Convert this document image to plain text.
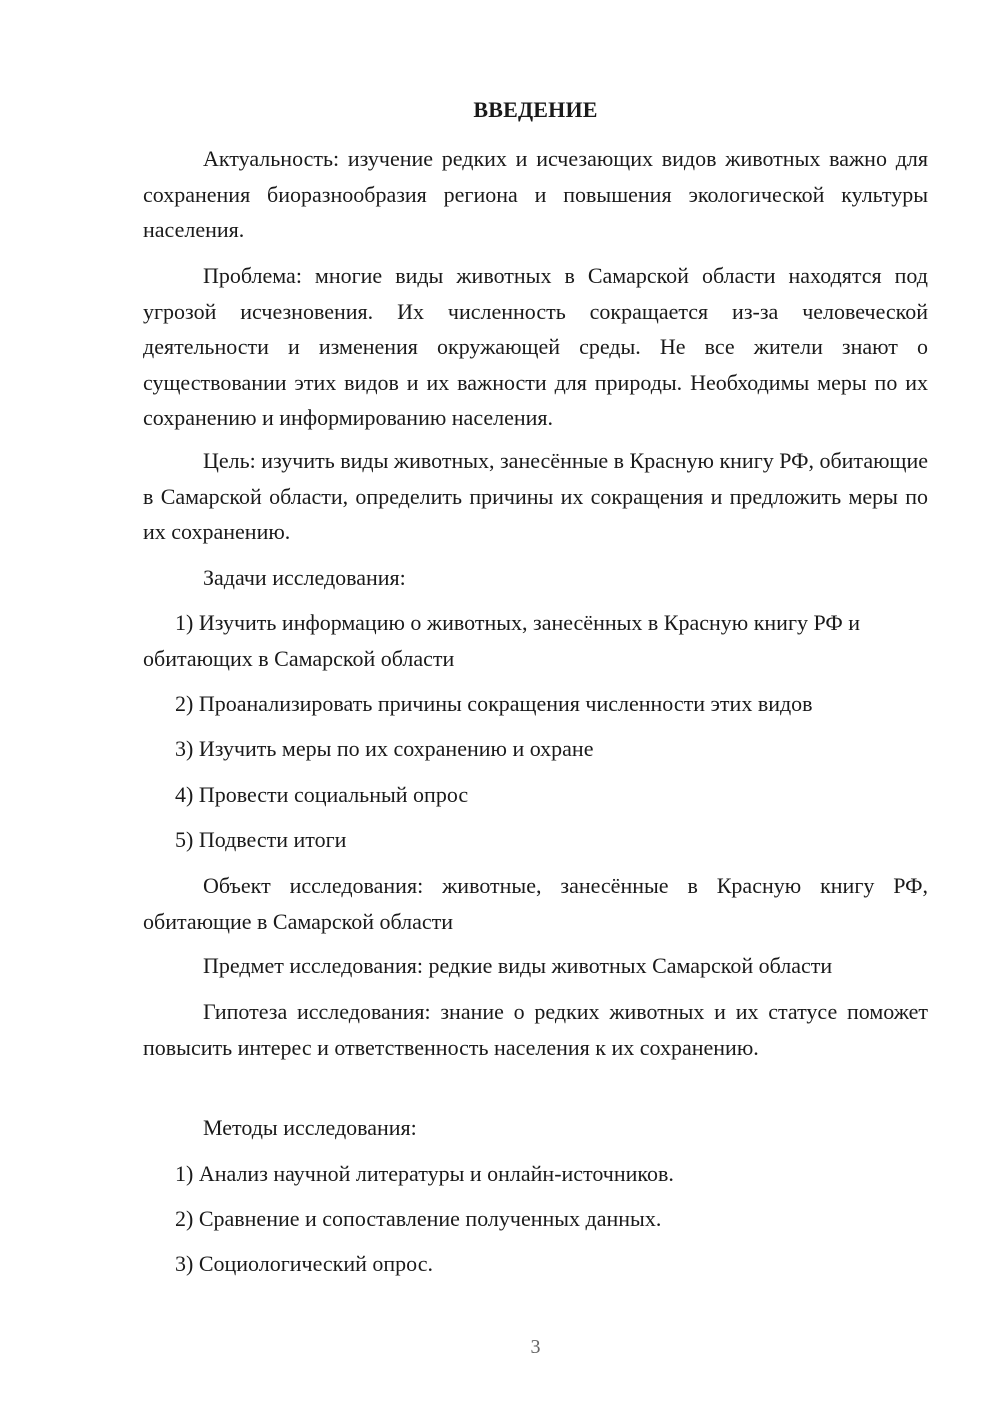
ВВЕДЕНИЕ

Актуальность: изучение редких и исчезающих видов животных важно для сохранения биоразнообразия региона и повышения экологической культуры населения.

Проблема: многие виды животных в Самарской области находятся под угрозой исчезновения. Их численность сокращается из-за человеческой деятельности и изменения окружающей среды. Не все жители знают о существовании этих видов и их важности для природы. Необходимы меры по их сохранению и информированию населения.

Цель: изучить виды животных, занесённые в Красную книгу РФ, обитающие в Самарской области, определить причины их сокращения и предложить меры по их сохранению.

Задачи исследования:

1) Изучить информацию о животных, занесённых в Красную книгу РФ и обитающих в Самарской области

2) Проанализировать причины сокращения численности этих видов

3) Изучить меры по их сохранению и охране

4) Провести социальный опрос

5) Подвести итоги

Объект исследования: животные, занесённые в Красную книгу РФ, обитающие в Самарской области

Предмет исследования: редкие виды животных Самарской области

Гипотеза исследования: знание о редких животных и их статусе поможет повысить интерес и ответственность населения к их сохранению.

Методы исследования:

1) Анализ научной литературы и онлайн-источников.

2) Сравнение и сопоставление полученных данных.

3) Социологический опрос.

3
